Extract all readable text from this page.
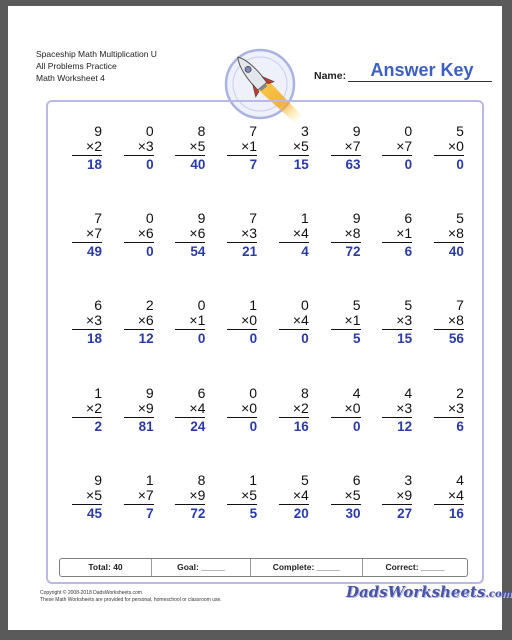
Spaceship Math Multiplication U
All Problems Practice
Math Worksheet 4	Name:	Answer Key
9
×2
18
0
×3
0
8
×5
40
7
×1
7
3
×5
15
9
×7
63
0
×7
0
5
×0
0
7
×7
49
0
×6
0
9
×6
54
7
×3
21
1
×4
4
9
×8
72
6
×1
6
5
×8
40
6
×3
18
2
×6
12
0
×1
0
1
×0
0
0
×4
0
5
×1
5
5
×3
15
7
×8
56
1
×2
2
9
×9
81
6
×4
24
0
×0
0
8
×2
16
4
×0
0
4
×3
12
2
×3
6
9
×5
45
1
×7
7
8
×9
72
1
×5
5
5
×4
20
6
×5
30
3
×9
27
4
×4
16
Total: 40	Goal: _____	Complete: _____	Correct: _____
Copyright © 2008-2018 DadsWorksheets.com
These Math Worksheets are provided for personal, homeschool or classroom use.	DadsWorksheets.com
